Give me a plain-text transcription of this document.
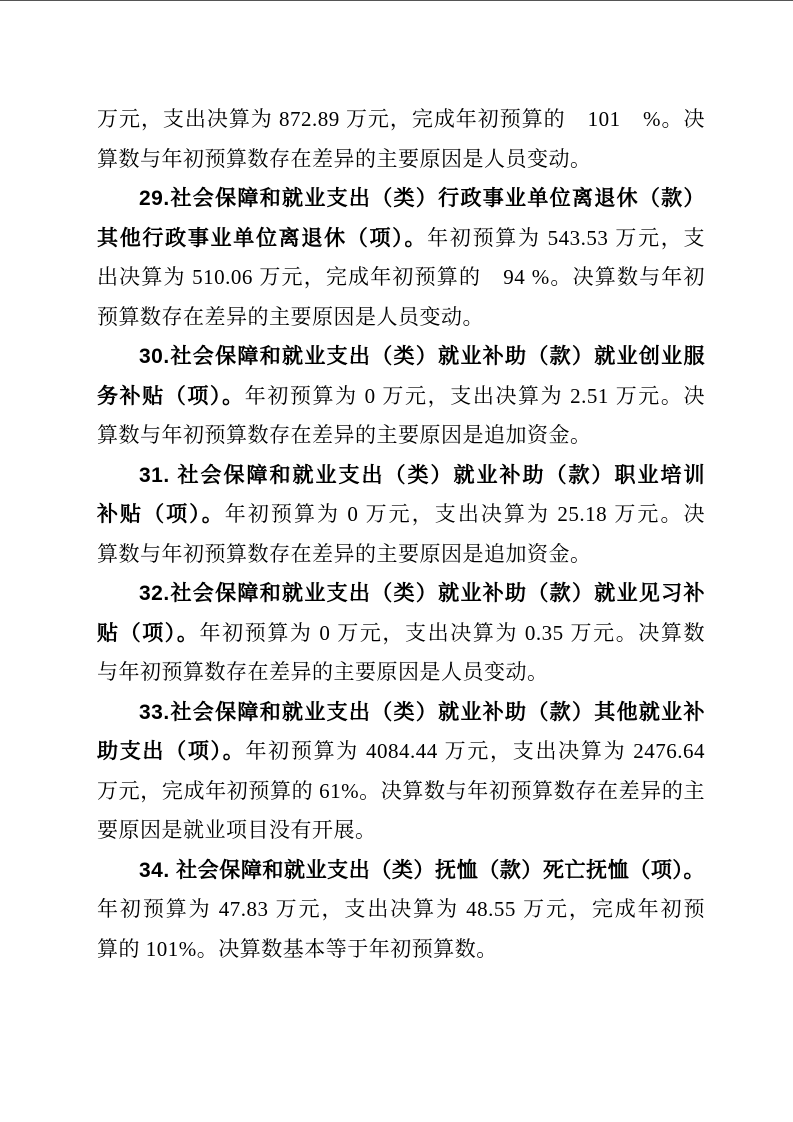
万元，支出决算为 872.89 万元，完成年初预算的　101　%。决
算数与年初预算数存在差异的主要原因是人员变动。
29.社会保障和就业支出（类）行政事业单位离退休（款）
其他行政事业单位离退休（项）。年初预算为 543.53 万元，支
出决算为 510.06 万元，完成年初预算的　94 %。决算数与年初
预算数存在差异的主要原因是人员变动。
30.社会保障和就业支出（类）就业补助（款）就业创业服
务补贴（项）。年初预算为 0 万元，支出决算为 2.51 万元。决
算数与年初预算数存在差异的主要原因是追加资金。
31. 社会保障和就业支出（类）就业补助（款）职业培训
补贴（项）。年初预算为 0 万元，支出决算为 25.18 万元。决
算数与年初预算数存在差异的主要原因是追加资金。
32.社会保障和就业支出（类）就业补助（款）就业见习补
贴（项）。年初预算为 0 万元，支出决算为 0.35 万元。决算数
与年初预算数存在差异的主要原因是人员变动。
33.社会保障和就业支出（类）就业补助（款）其他就业补
助支出（项）。年初预算为 4084.44 万元，支出决算为 2476.64
万元，完成年初预算的 61%。决算数与年初预算数存在差异的主
要原因是就业项目没有开展。
34. 社会保障和就业支出（类）抚恤（款）死亡抚恤（项）。
年初预算为 47.83 万元，支出决算为 48.55 万元，完成年初预
算的 101%。决算数基本等于年初预算数。
